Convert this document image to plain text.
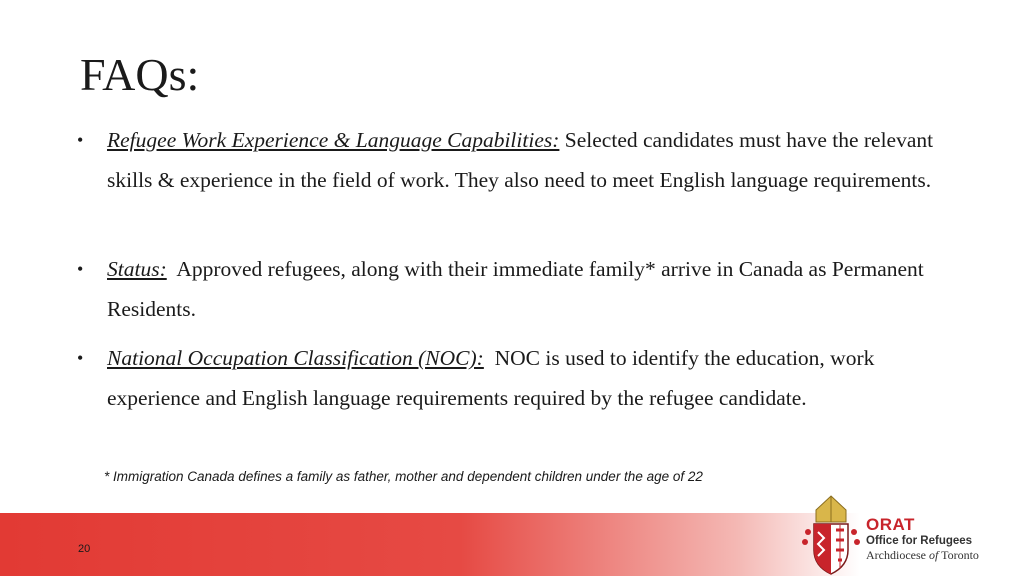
FAQs:
• Refugee Work Experience & Language Capabilities: Selected candidates must have the relevant skills & experience in the field of work. They also need to meet English language requirements.
• Status: Approved refugees, along with their immediate family* arrive in Canada as Permanent Residents.
• National Occupation Classification (NOC): NOC is used to identify the education, work experience and English language requirements required by the refugee candidate.
* Immigration Canada defines a family as father, mother and dependent children under the age of 22
20
ORAT
Office for Refugees
Archdiocese of Toronto
